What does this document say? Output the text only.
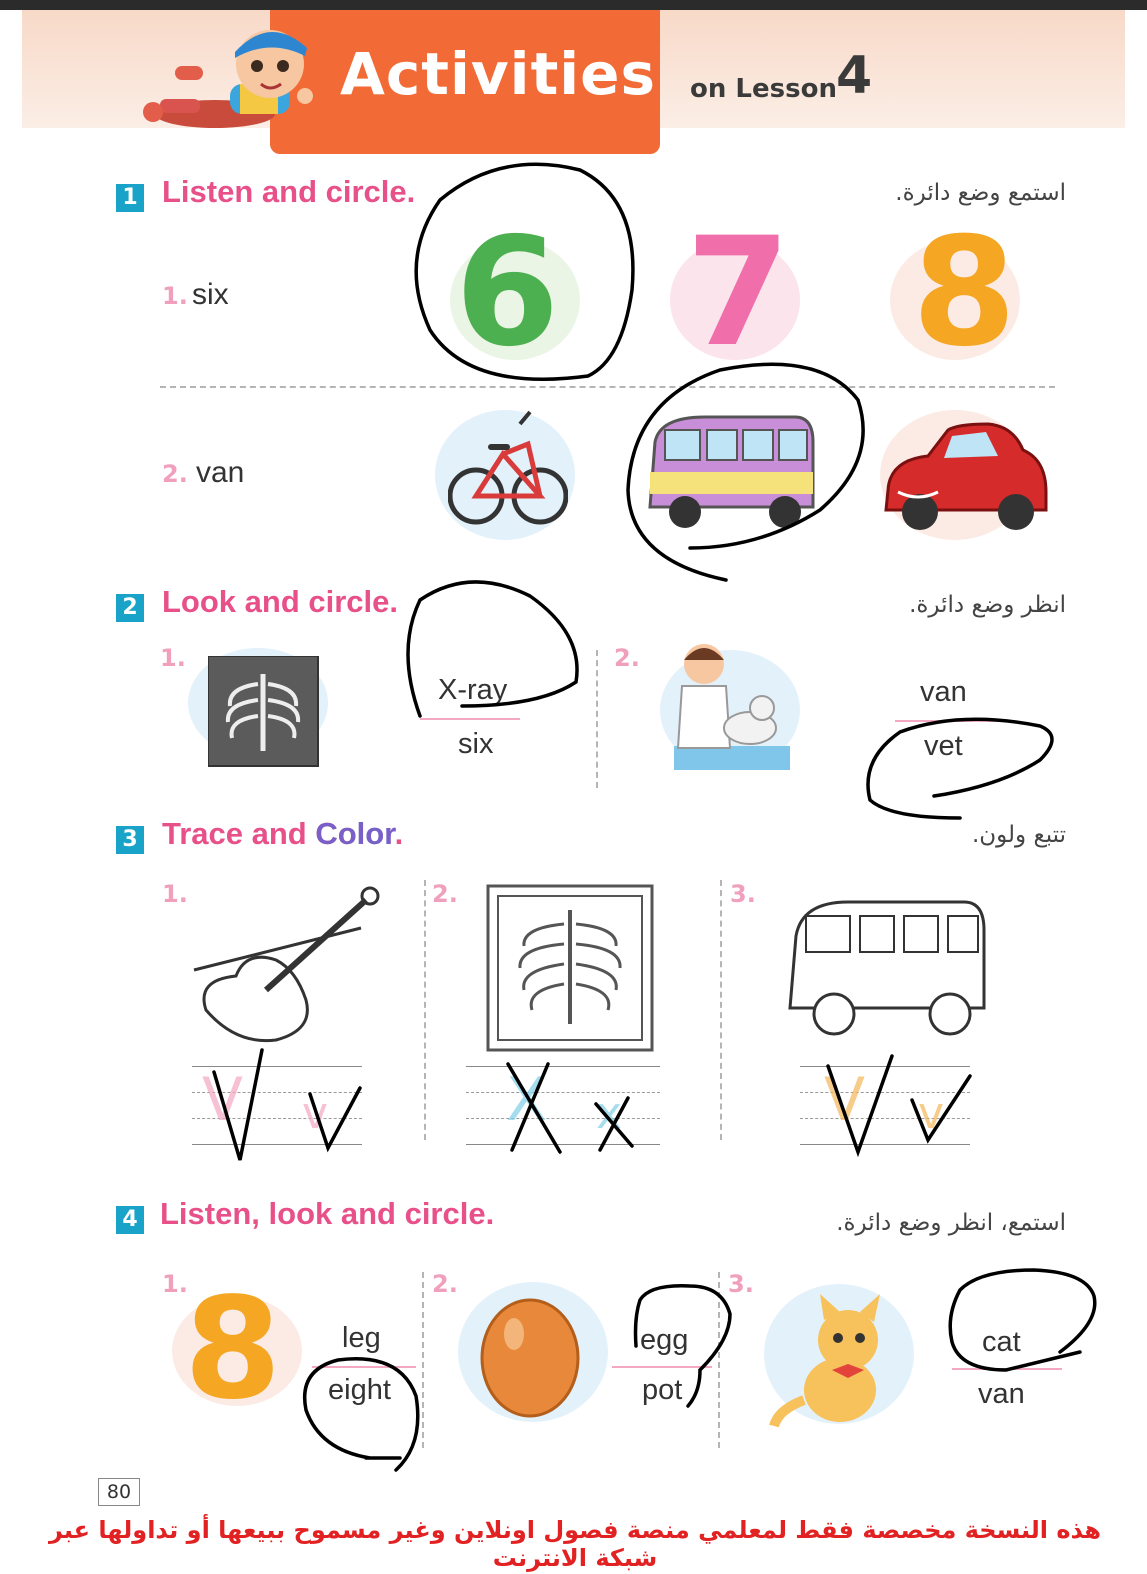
Activities on Lesson 4
1 Listen and circle.	استمع وضع دائرة.
1. six 6 7 8
2. van
2 Look and circle.	انظر وضع دائرة.
1.
X-ray
six
2.
van
vet
3 Trace and Color.	تتبع ولون.
1.	2.	3.
V v	X x	V v
4 Listen, look and circle.	استمع، انظر وضع دائرة.
1.
8 leg
eight
2.
egg
pot
3.
cat
van
80
هذه النسخة مخصصة فقط لمعلمي منصة فصول اونلاين وغير مسموح ببيعها أو تداولها عبر شبكة الانترنت
